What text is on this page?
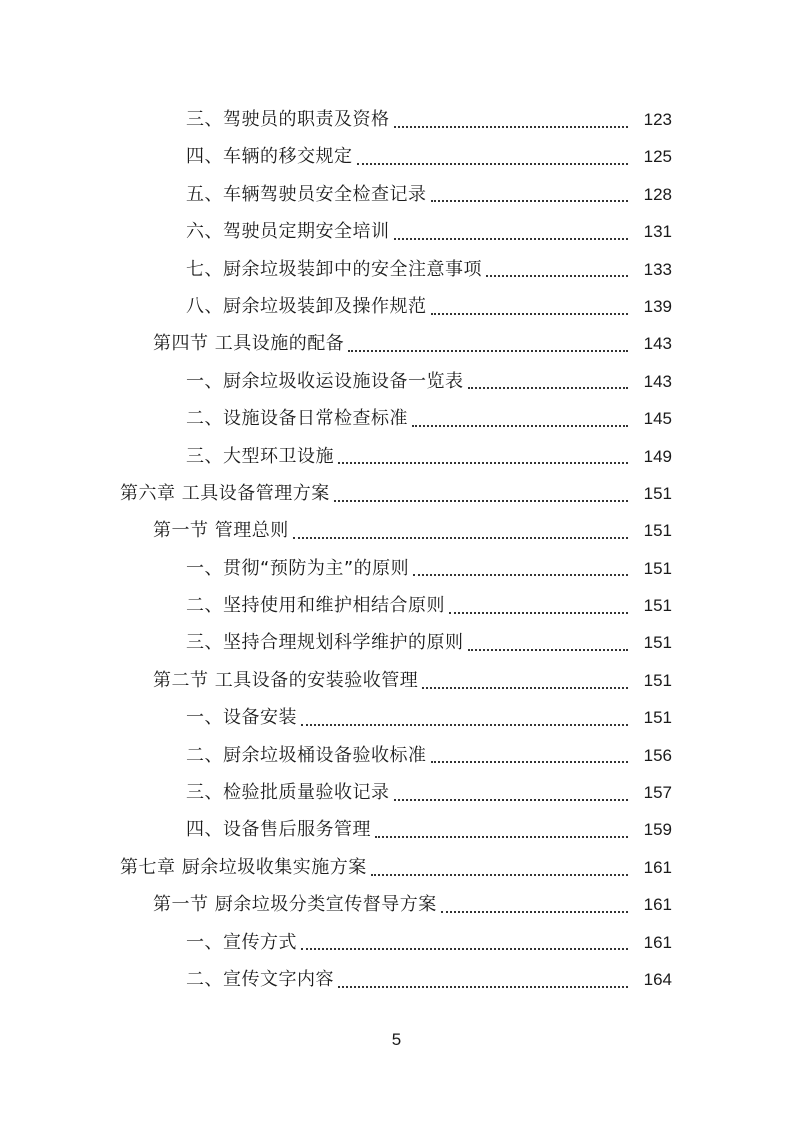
三、驾驶员的职责及资格	123
四、车辆的移交规定	125
五、车辆驾驶员安全检查记录	128
六、驾驶员定期安全培训	131
七、厨余垃圾装卸中的安全注意事项	133
八、厨余垃圾装卸及操作规范	139
第四节 工具设施的配备	143
一、厨余垃圾收运设施设备一览表	143
二、设施设备日常检查标准	145
三、大型环卫设施	149
第六章 工具设备管理方案	151
第一节 管理总则	151
一、贯彻“预防为主”的原则	151
二、坚持使用和维护相结合原则	151
三、坚持合理规划科学维护的原则	151
第二节 工具设备的安装验收管理	151
一、设备安装	151
二、厨余垃圾桶设备验收标准	156
三、检验批质量验收记录	157
四、设备售后服务管理	159
第七章 厨余垃圾收集实施方案	161
第一节 厨余垃圾分类宣传督导方案	161
一、宣传方式	161
二、宣传文字内容	164
5
